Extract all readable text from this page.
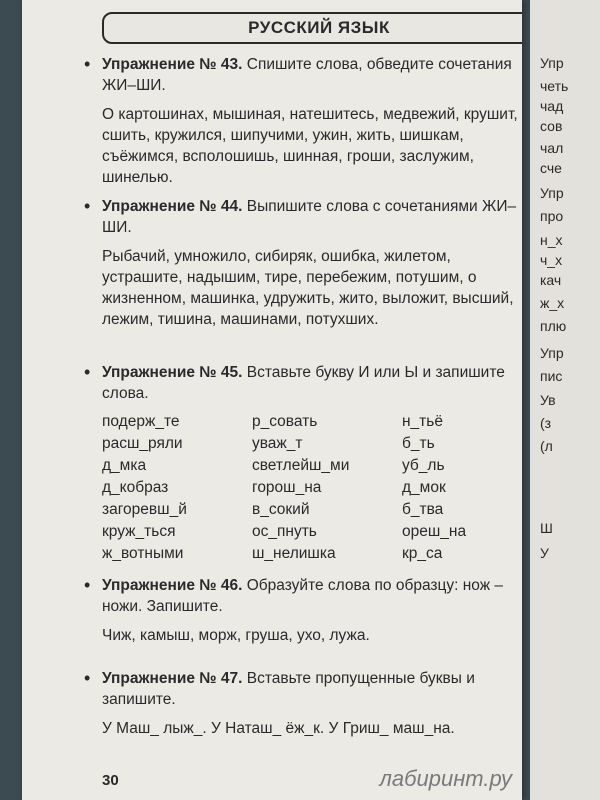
Упр
четь
чад
сов
чал
сче
Упр
про
н_х
ч_х
кач
ж_х
плю
Упр
пис
Ув
(з
(л
Ш
У
РУССКИЙ ЯЗЫК
• Упражнение № 43. Спишите слова, обведите сочетания ЖИ–ШИ.
О картошинах, мышиная, натешитесь, медвежий, крушит, сшить, кружился, шипучими, ужин, жить, шишкам, съёжимся, всполошишь, шинная, гроши, заслужим, шинелью.
• Упражнение № 44. Выпишите слова с сочетаниями ЖИ–ШИ.
Рыбачий, умножило, сибиряк, ошибка, жилетом, устрашите, надышим, тире, перебежим, потушим, о жизненном, машинка, удружить, жито, выложит, высший, лежим, тишина, машинами, потухших.
• Упражнение № 45. Вставьте букву И или Ы и запишите слова.
подерж_те	р_совать	н_тьё
расш_ряли	уваж_т	б_ть
д_мка	светлейш_ми	уб_ль
д_кобраз	горош_на	д_мок
загоревш_й	в_сокий	б_тва
круж_ться	ос_пнуть	ореш_на
ж_вотными	ш_нелишка	кр_са
• Упражнение № 46. Образуйте слова по образцу: нож – ножи. Запишите.
Чиж, камыш, морж, груша, ухо, лужа.
• Упражнение № 47. Вставьте пропущенные буквы и запишите.
У Маш_ лыж_. У Наташ_ ёж_к. У Гриш_ маш_на.
30	лабиринт.ру
